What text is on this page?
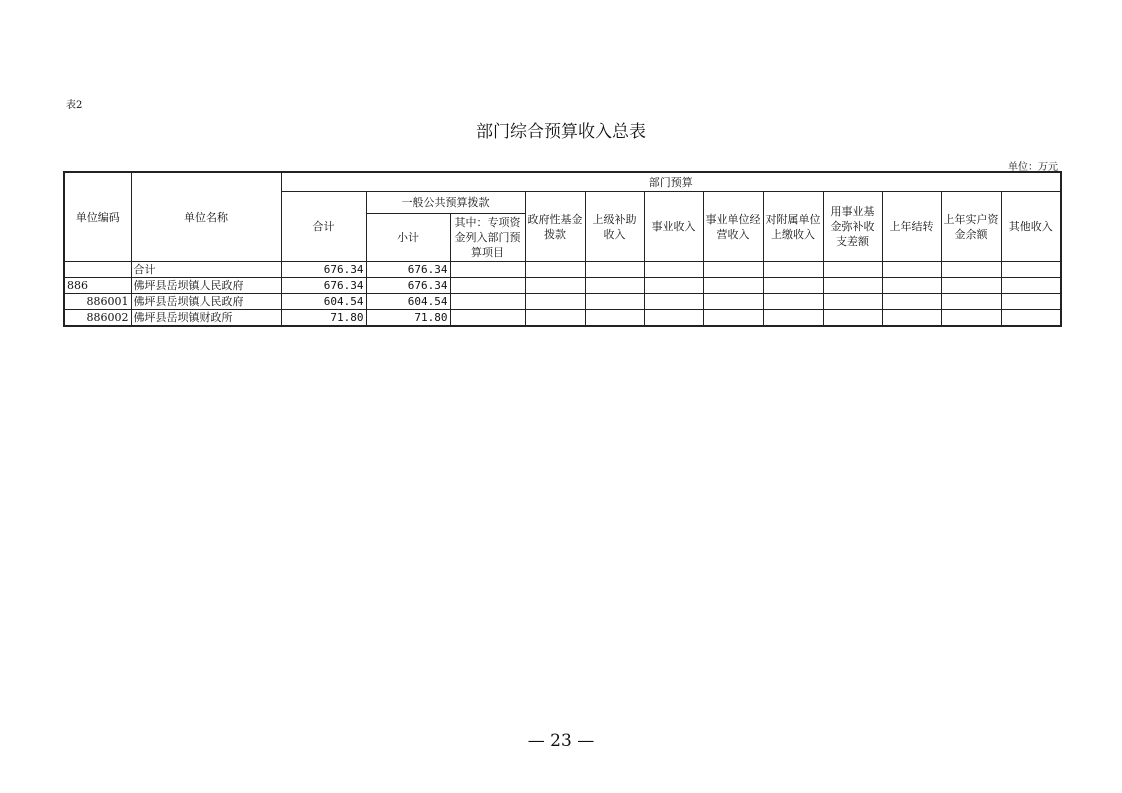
表2
部门综合预算收入总表
单位：万元
单位编码	单位名称	部门预算											
		合计	一般公共预算拨款		政府性基金拨款	上级补助收入	事业收入	事业单位经营收入	对附属单位上缴收入	用事业基金弥补收支差额	上年结转	上年实户资金余额	其他收入
			小计	其中：专项资金列入部门预算项目									
	合计	676.34	676.34										
886	佛坪县岳坝镇人民政府	676.34	676.34										
886001	佛坪县岳坝镇人民政府	604.54	604.54										
886002	佛坪县岳坝镇财政所	71.80	71.80										
— 23 —
